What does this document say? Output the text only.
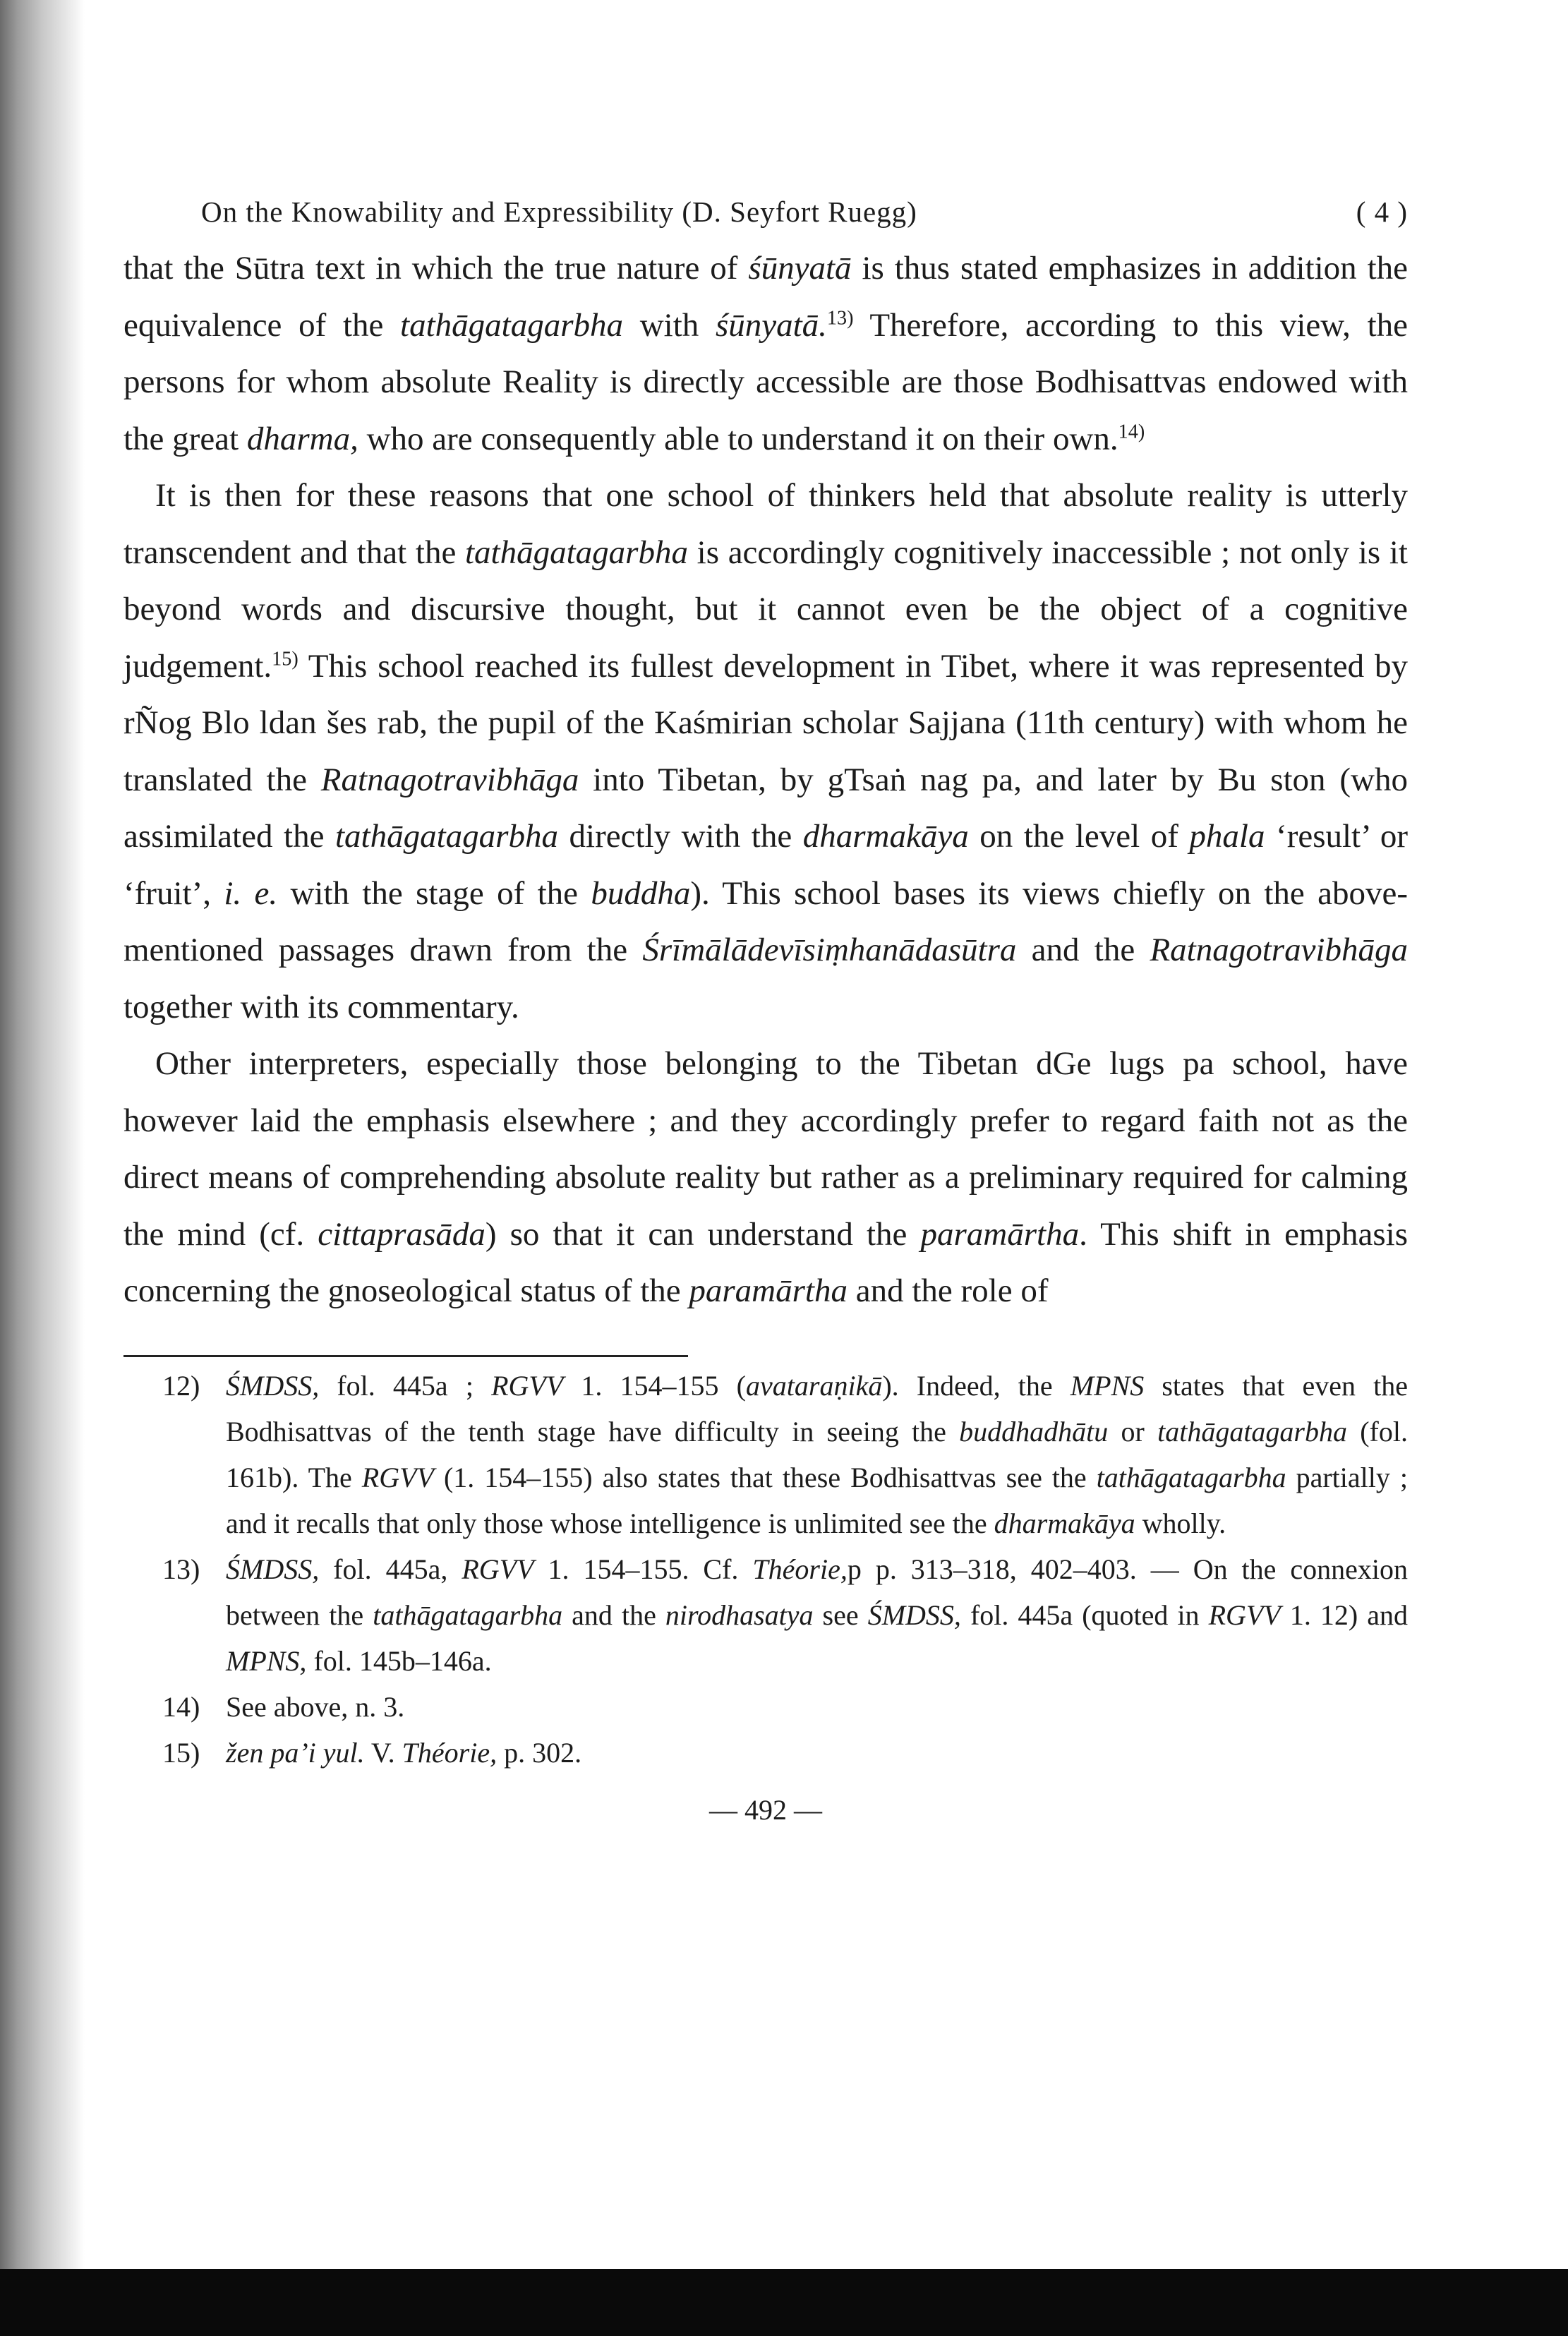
On the Knowability and Expressibility (D. Seyfort Ruegg)	( 4 )

that the Sūtra text in which the true nature of śūnyatā is thus stated emphasizes in addition the equivalence of the tathāgatagarbha with śūnyatā.$^{13)}$ Therefore, according to this view, the persons for whom absolute Reality is directly accessible are those Bodhisattvas endowed with the great dharma, who are consequently able to understand it on their own.$^{14)}$

It is then for these reasons that one school of thinkers held that absolute reality is utterly transcendent and that the tathāgatagarbha is accordingly cognitively inaccessible ; not only is it beyond words and discursive thought, but it cannot even be the object of a cognitive judgement.$^{15)}$ This school reached its fullest development in Tibet, where it was represented by rÑog Blo ldan šes rab, the pupil of the Kaśmirian scholar Sajjana (11th century) with whom he translated the Ratnagotravibhāga into Tibetan, by gTsaṅ nag pa, and later by Bu ston (who assimilated the tathāgatagarbha directly with the dharmakāya on the level of phala ‘result’ or ‘fruit’, i. e. with the stage of the buddha). This school bases its views chiefly on the above-mentioned passages drawn from the Śrīmālādevīsiṃhanādasūtra and the Ratnagotravibhāga together with its commentary.

Other interpreters, especially those belonging to the Tibetan dGe lugs pa school, have however laid the emphasis elsewhere ; and they accordingly prefer to regard faith not as the direct means of comprehending absolute reality but rather as a preliminary required for calming the mind (cf. cittaprasāda) so that it can understand the paramārtha. This shift in emphasis concerning the gnoseological status of the paramārtha and the role of

12) ŚMDSS, fol. 445a ; RGVV 1. 154–155 (avataraṇikā). Indeed, the MPNS states that even the Bodhisattvas of the tenth stage have difficulty in seeing the buddhadhātu or tathāgatagarbha (fol. 161b). The RGVV (1. 154–155) also states that these Bodhisattvas see the tathāgatagarbha partially ; and it recalls that only those whose intelligence is unlimited see the dharmakāya wholly.
13) ŚMDSS, fol. 445a, RGVV 1. 154–155. Cf. Théorie,p p. 313–318, 402–403. — On the connexion between the tathāgatagarbha and the nirodhasatya see ŚMDSS, fol. 445a (quoted in RGVV 1. 12) and MPNS, fol. 145b–146a.
14) See above, n. 3.
15) žen pa’i yul. V. Théorie, p. 302.
— 492 —
